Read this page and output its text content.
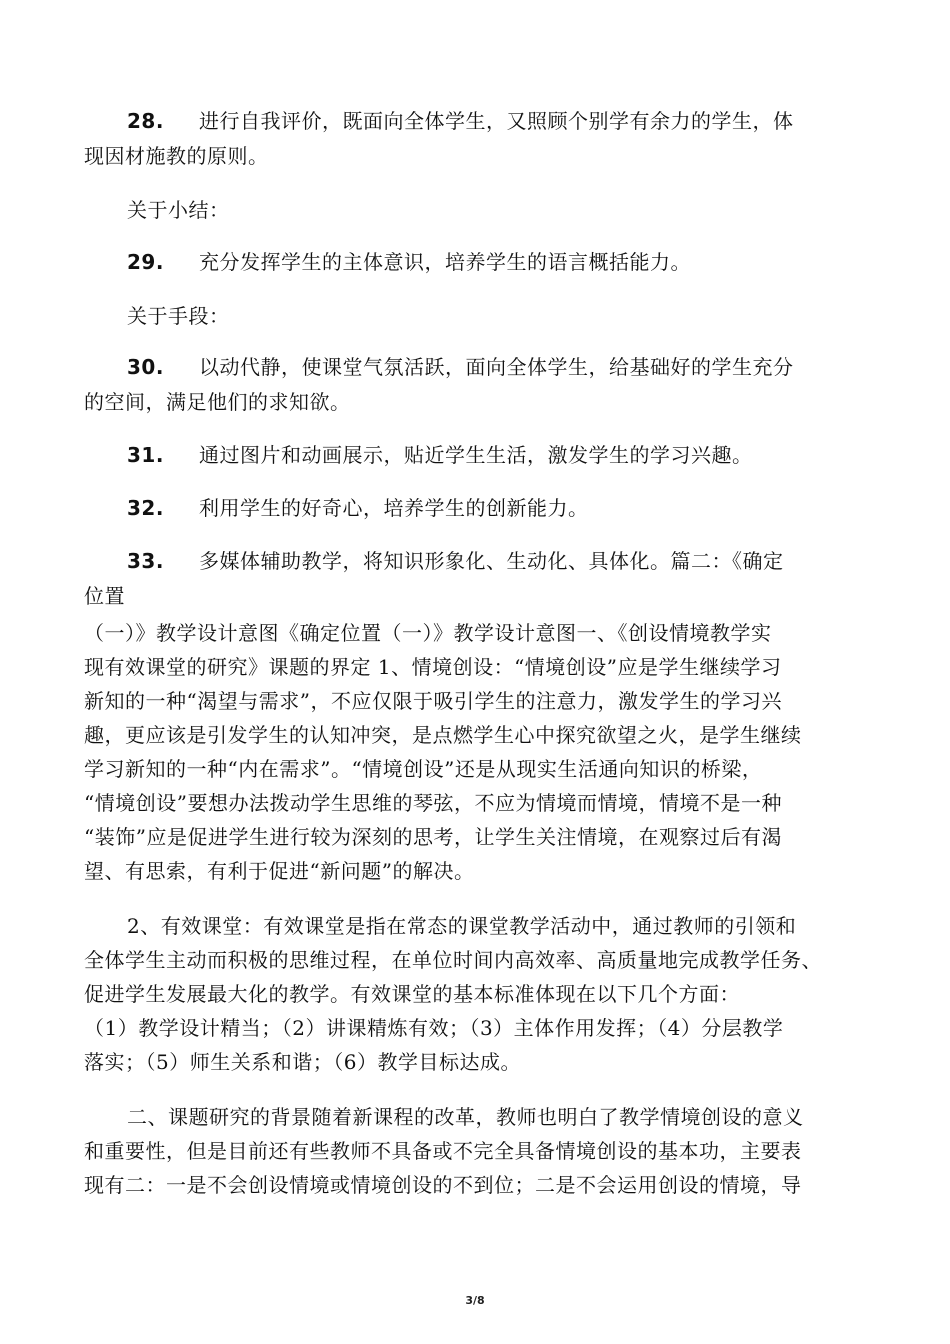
28. 进行自我评价，既面向全体学生，又照顾个别学有余力的学生，体
现因材施教的原则。
关于小结：
29. 充分发挥学生的主体意识，培养学生的语言概括能力。
关于手段：
30. 以动代静，使课堂气氛活跃，面向全体学生，给基础好的学生充分
的空间，满足他们的求知欲。
31. 通过图片和动画展示，贴近学生生活，激发学生的学习兴趣。
32. 利用学生的好奇心，培养学生的创新能力。
33. 多媒体辅助教学，将知识形象化、生动化、具体化。篇二：《确定
位置
（一）》教学设计意图《确定位置（一）》教学设计意图一、《创设情境教学实
现有效课堂的研究》课题的界定 1、情境创设：“情境创设”应是学生继续学习
新知的一种“渴望与需求”，不应仅限于吸引学生的注意力，激发学生的学习兴
趣，更应该是引发学生的认知冲突，是点燃学生心中探究欲望之火，是学生继续
学习新知的一种“内在需求”。“情境创设”还是从现实生活通向知识的桥梁，
“情境创设”要想办法拨动学生思维的琴弦，不应为情境而情境，情境不是一种
“装饰”应是促进学生进行较为深刻的思考，让学生关注情境，在观察过后有渴
望、有思索，有利于促进“新问题”的解决。
2、有效课堂：有效课堂是指在常态的课堂教学活动中，通过教师的引领和
全体学生主动而积极的思维过程，在单位时间内高效率、高质量地完成教学任务、
促进学生发展最大化的教学。有效课堂的基本标准体现在以下几个方面：
（1）教学设计精当；（2）讲课精炼有效；（3）主体作用发挥；（4）分层教学
落实；（5）师生关系和谐；（6）教学目标达成。
二、课题研究的背景随着新课程的改革，教师也明白了教学情境创设的意义
和重要性，但是目前还有些教师不具备或不完全具备情境创设的基本功，主要表
现有二：一是不会创设情境或情境创设的不到位；二是不会运用创设的情境，导
3/8
